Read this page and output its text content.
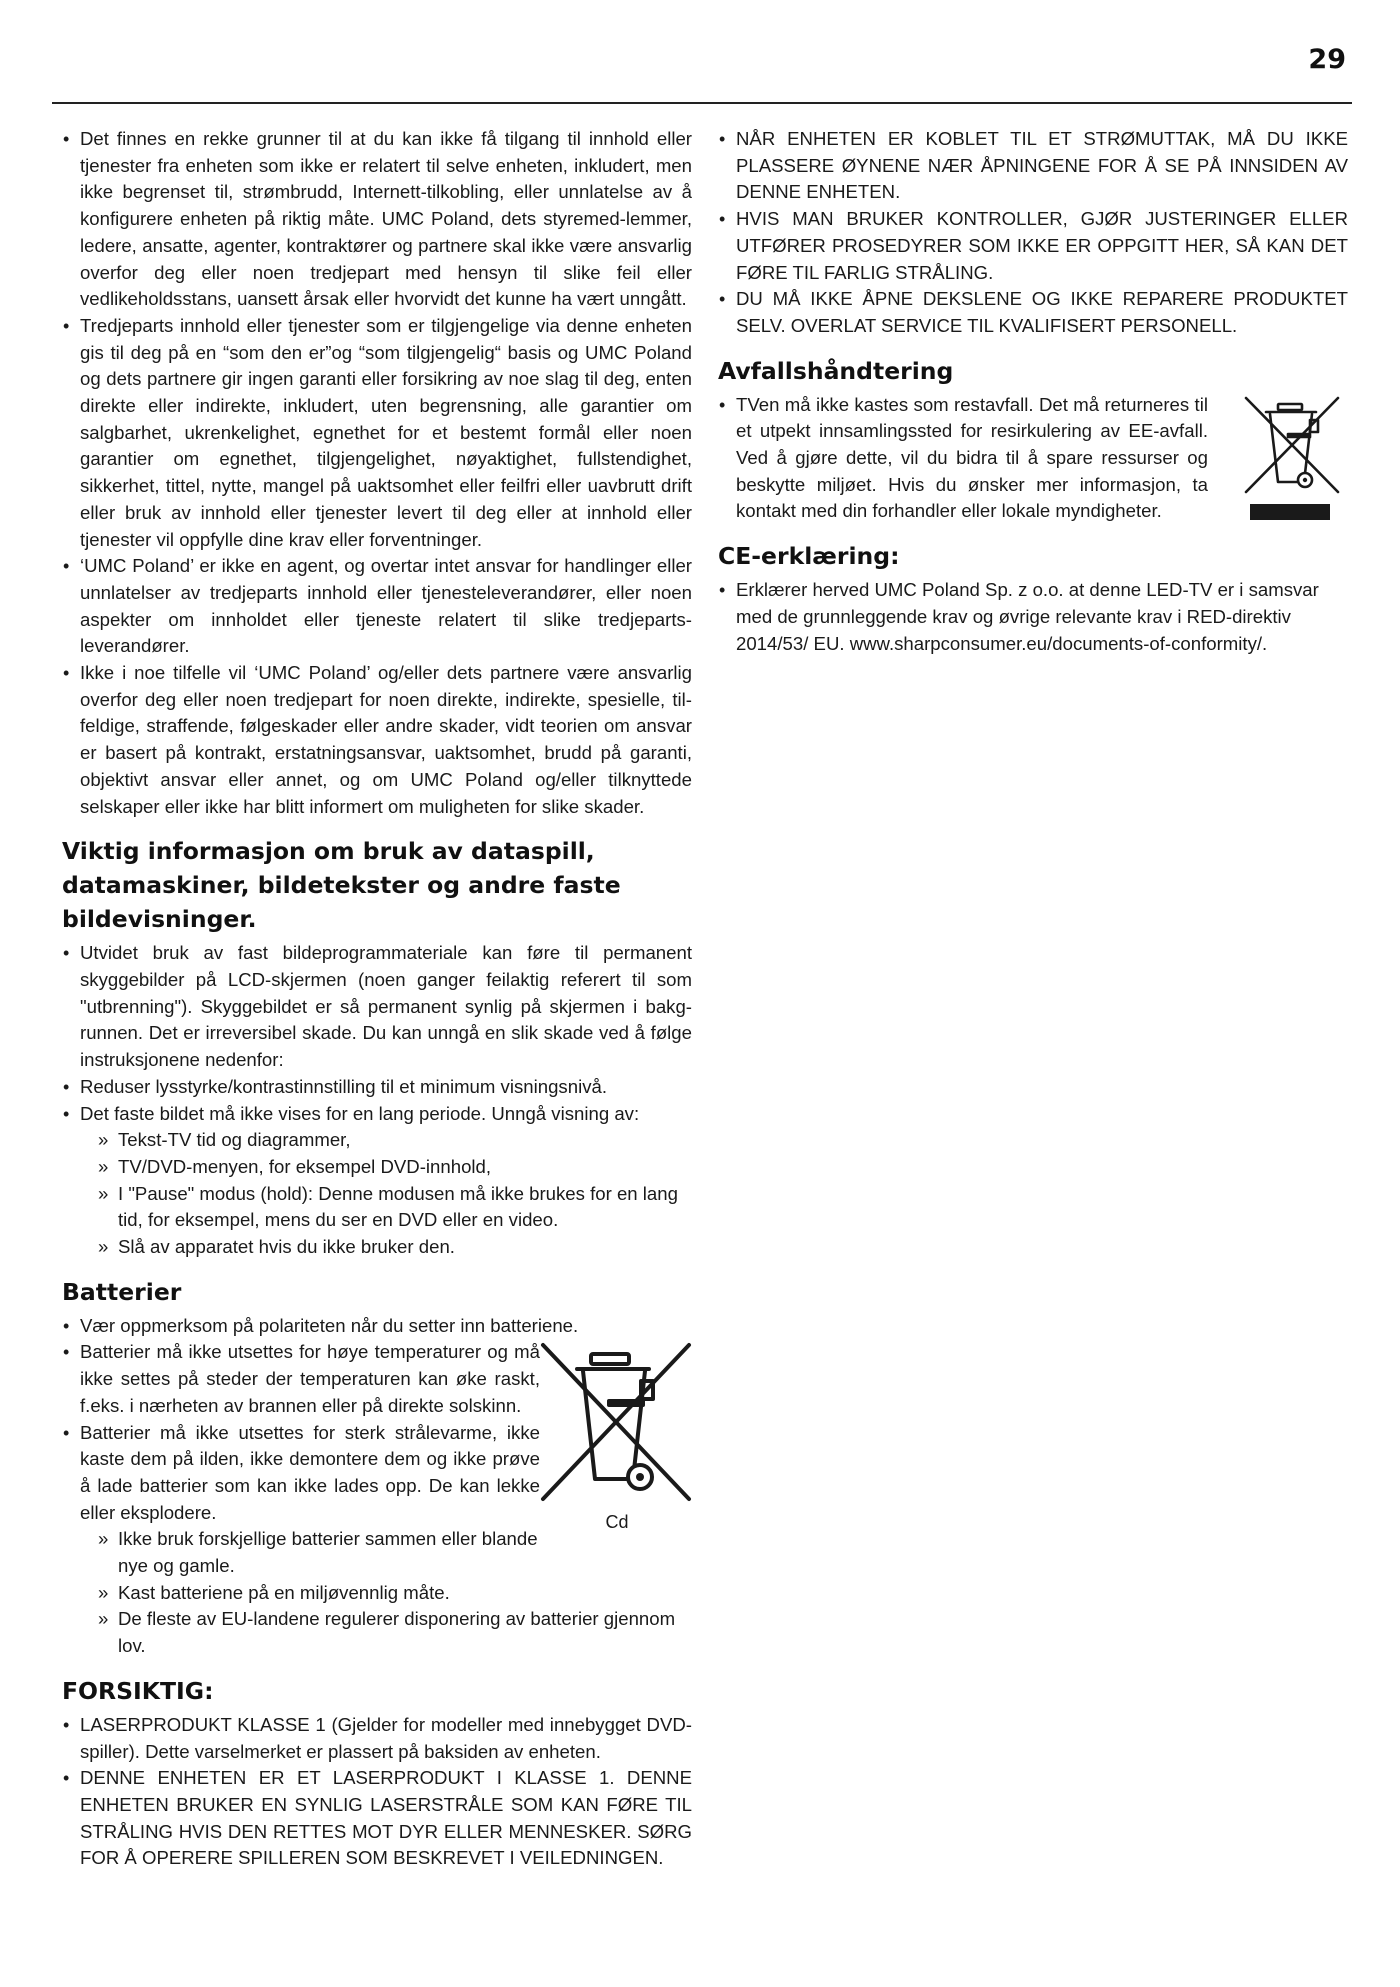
29
• Det finnes en rekke grunner til at du kan ikke få tilgang til innhold eller tjenester fra enheten som ikke er relatert til selve enheten, inkludert, men ikke begrenset til, strømbrudd, Internett-tilkobling, eller unnlatelse av å konfigurere enheten på riktig måte. UMC Poland, dets styremed-lemmer, ledere, ansatte, agenter, kontraktører og partnere skal ikke være ansvarlig overfor deg eller noen tredjepart med hensyn til slike feil eller vedlikeholdsstans, uansett årsak eller hvorvidt det kunne ha vært unngått.
• Tredjeparts innhold eller tjenester som er tilgjengelige via denne enheten gis til deg på en “som den er”og “som tilgjengelig“ basis og UMC Poland og dets partnere gir ingen garanti eller forsikring av noe slag til deg, enten direkte eller indirekte, inkludert, uten begrensning, alle garantier om salgbarhet, ukrenkelighet, egnethet for et bestemt formål eller noen garantier om egnethet, tilgjengelighet, nøyaktighet, fullstendighet, sikkerhet, tittel, nytte, mangel på uaktsomhet eller feilfri eller uavbrutt drift eller bruk av innhold eller tjenester levert til deg eller at innhold eller tjenester vil oppfylle dine krav eller forventninger.
• ‘UMC Poland’ er ikke en agent, og overtar intet ansvar for handlinger eller unnlatelser av tredjeparts innhold eller tjenesteleverandører, eller noen aspekter om innholdet eller tjeneste relatert til slike tredjeparts-leverandører.
• Ikke i noe tilfelle vil ‘UMC Poland’ og/eller dets partnere være ansvarlig overfor deg eller noen tredjepart for noen direkte, indirekte, spesielle, til-feldige, straffende, følgeskader eller andre skader, vidt teorien om ansvar er basert på kontrakt, erstatningsansvar, uaktsomhet, brudd på garanti, objektivt ansvar eller annet, og om UMC Poland og/eller tilknyttede selskaper eller ikke har blitt informert om muligheten for slike skader.
Viktig informasjon om bruk av dataspill, datamaskiner, bildetekster og andre faste bildevisninger.
• Utvidet bruk av fast bildeprogrammateriale kan føre til permanent skyggebilder på LCD-skjermen (noen ganger feilaktig referert til som "utbrenning"). Skyggebildet er så permanent synlig på skjermen i bakg-runnen. Det er irreversibel skade. Du kan unngå en slik skade ved å følge instruksjonene nedenfor:
• Reduser lysstyrke/kontrastinnstilling til et minimum visningsnivå.
• Det faste bildet må ikke vises for en lang periode. Unngå visning av:
» Tekst-TV tid og diagrammer,
» TV/DVD-menyen, for eksempel DVD-innhold,
» I "Pause" modus (hold): Denne modusen må ikke brukes for en lang tid, for eksempel, mens du ser en DVD eller en video.
» Slå av apparatet hvis du ikke bruker den.
Batterier
• Vær oppmerksom på polariteten når du setter inn batteriene.
• Batterier må ikke utsettes for høye temperaturer og må ikke settes på steder der temperaturen kan øke raskt, f.eks. i nærheten av brannen eller på direkte solskinn.
• Batterier må ikke utsettes for sterk strålevarme, ikke kaste dem på ilden, ikke demontere dem og ikke prøve å lade batterier som kan ikke lades opp. De kan lekke eller eksplodere.	Cd
» Ikke bruk forskjellige batterier sammen eller blande nye og gamle.
» Kast batteriene på en miljøvennlig måte.
» De fleste av EU-landene regulerer disponering av batterier gjennom lov.
FORSIKTIG:
• LASERPRODUKT KLASSE 1 (Gjelder for modeller med innebygget DVD-spiller). Dette varselmerket er plassert på baksiden av enheten.
• DENNE ENHETEN ER ET LASERPRODUKT I KLASSE 1. DENNE ENHETEN BRUKER EN SYNLIG LASERSTRÅLE SOM KAN FØRE TIL STRÅLING HVIS DEN RETTES MOT DYR ELLER MENNESKER. SØRG FOR Å OPERERE SPILLEREN SOM BESKREVET I VEILEDNINGEN.
• NÅR ENHETEN ER KOBLET TIL ET STRØMUTTAK, MÅ DU IKKE PLASSERE ØYNENE NÆR ÅPNINGENE FOR Å SE PÅ INNSIDEN AV DENNE ENHETEN.
• HVIS MAN BRUKER KONTROLLER, GJØR JUSTERINGER ELLER UTFØRER PROSEDYRER SOM IKKE ER OPPGITT HER, SÅ KAN DET FØRE TIL FARLIG STRÅLING.
• DU MÅ IKKE ÅPNE DEKSLENE OG IKKE REPARERE PRODUKTET SELV. OVERLAT SERVICE TIL KVALIFISERT PERSONELL.
Avfallshåndtering
• TVen må ikke kastes som restavfall. Det må returneres til et utpekt innsamlingssted for resirkulering av EE-avfall. Ved å gjøre dette, vil du bidra til å spare ressurser og beskytte miljøet. Hvis du ønsker mer informasjon, ta kontakt med din forhandler eller lokale myndigheter.
CE-erklæring:
• Erklærer herved UMC Poland Sp. z o.o. at denne LED-TV er i samsvar med de grunnleggende krav og øvrige relevante krav i RED-direktiv 2014/53/ EU. www.sharpconsumer.eu/documents-of-conformity/.
